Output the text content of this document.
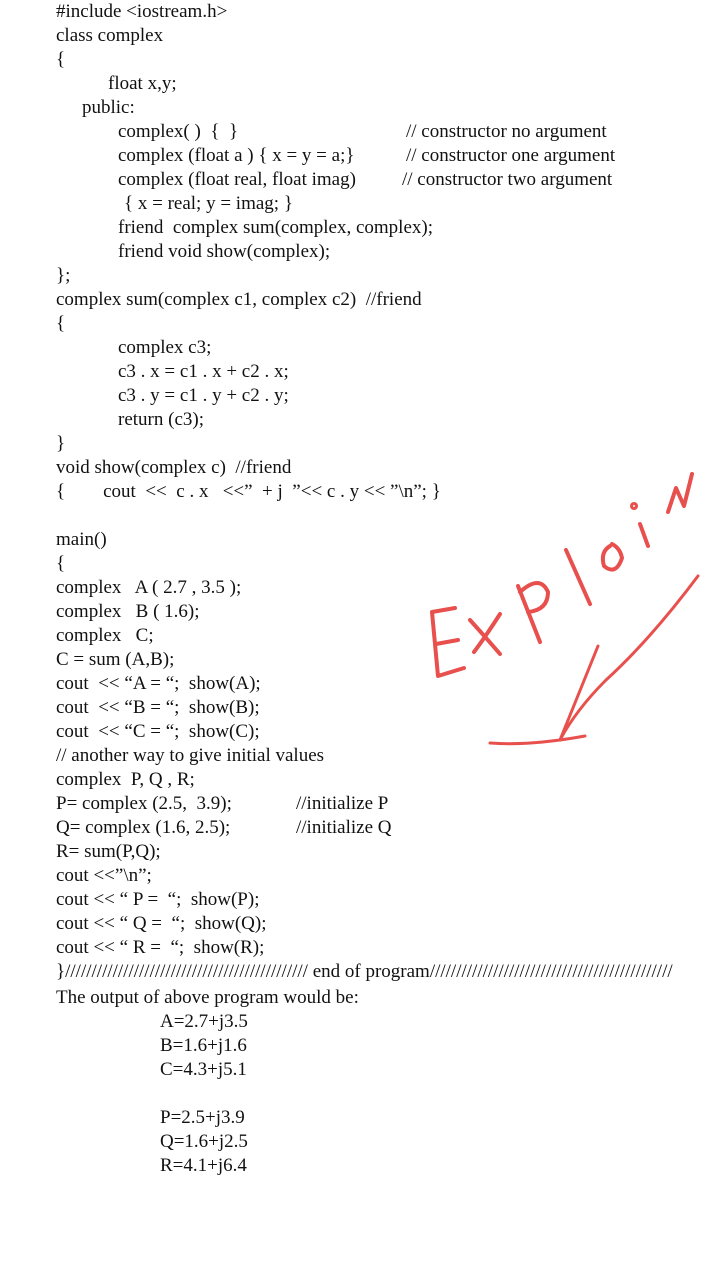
#include <iostream.h>
class complex
{
float x,y;
public:
complex( )  {  }	// constructor no argument
complex (float a ) { x = y = a;}	// constructor one argument
complex (float real, float imag) // constructor two argument
{ x = real; y = imag; }
friend  complex sum(complex, complex);
friend void show(complex);
};
complex sum(complex c1, complex c2)  //friend
{
complex c3;
c3 . x = c1 . x + c2 . x;
c3 . y = c1 . y + c2 . y;
return (c3);
}
void show(complex c)  //friend
{        cout  <<  c . x   <<”  + j  ”<< c . y << ”\n”; }
main()
{
complex   A ( 2.7 , 3.5 );
complex   B ( 1.6);
complex   C;
C = sum (A,B);
cout  << “A = “;  show(A);
cout  << “B = “;  show(B);
cout  << “C = “;  show(C);
// another way to give initial values
complex  P, Q , R;
P= complex (2.5,  3.9);	//initialize P
Q= complex (1.6, 2.5);	//initialize Q
R= sum(P,Q);
cout <<”\n”;
cout << “ P =  “;  show(P);
cout << “ Q =  “;  show(Q);
cout << “ R =  “;  show(R);
}////////////////////////////////////////////// end of program//////////////////////////////////////////////
The output of above program would be:
A=2.7+j3.5
B=1.6+j1.6
C=4.3+j5.1
P=2.5+j3.9
Q=1.6+j2.5
R=4.1+j6.4
